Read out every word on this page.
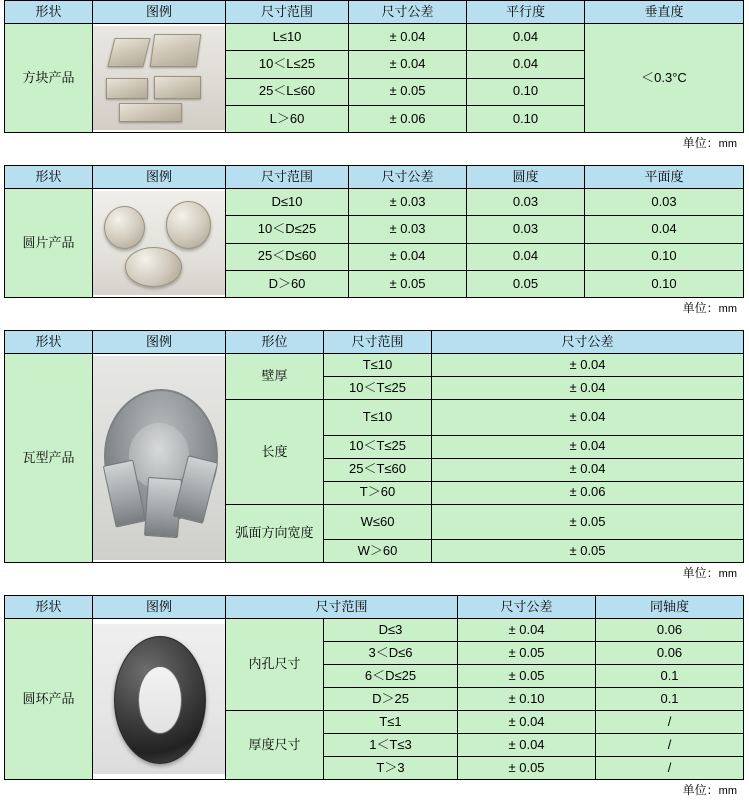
形状	图例	尺寸范围	尺寸公差	平行度	垂直度
方块产品		L≤10	± 0.04	0.04	＜0.3°C
		10＜L≤25	± 0.04	0.04	
		25＜L≤60	± 0.05	0.10	
		L＞60	± 0.06	0.10	
单位：mm
形状	图例	尺寸范围	尺寸公差	圆度	平面度
圆片产品		D≤10	± 0.03	0.03	0.03
		10＜D≤25	± 0.03	0.03	0.04
		25＜D≤60	± 0.04	0.04	0.10
		D＞60	± 0.05	0.05	0.10
单位：mm
形状	图例	形位	尺寸范围	尺寸公差
瓦型产品		壁厚	T≤10	± 0.04
			10＜T≤25	± 0.04
		长度	T≤10	± 0.04
			10＜T≤25	± 0.04
			25＜T≤60	± 0.04
			T＞60	± 0.06
		弧面方向宽度	W≤60	± 0.05
			W＞60	± 0.05
单位：mm
形状	图例	尺寸范围		尺寸公差	同轴度
圆环产品		内孔尺寸	D≤3	± 0.04	0.06
			3＜D≤6	± 0.05	0.06
			6＜D≤25	± 0.05	0.1
			D＞25	± 0.10	0.1
		厚度尺寸	T≤1	± 0.04	/
			1＜T≤3	± 0.04	/
			T＞3	± 0.05	/
单位：mm
